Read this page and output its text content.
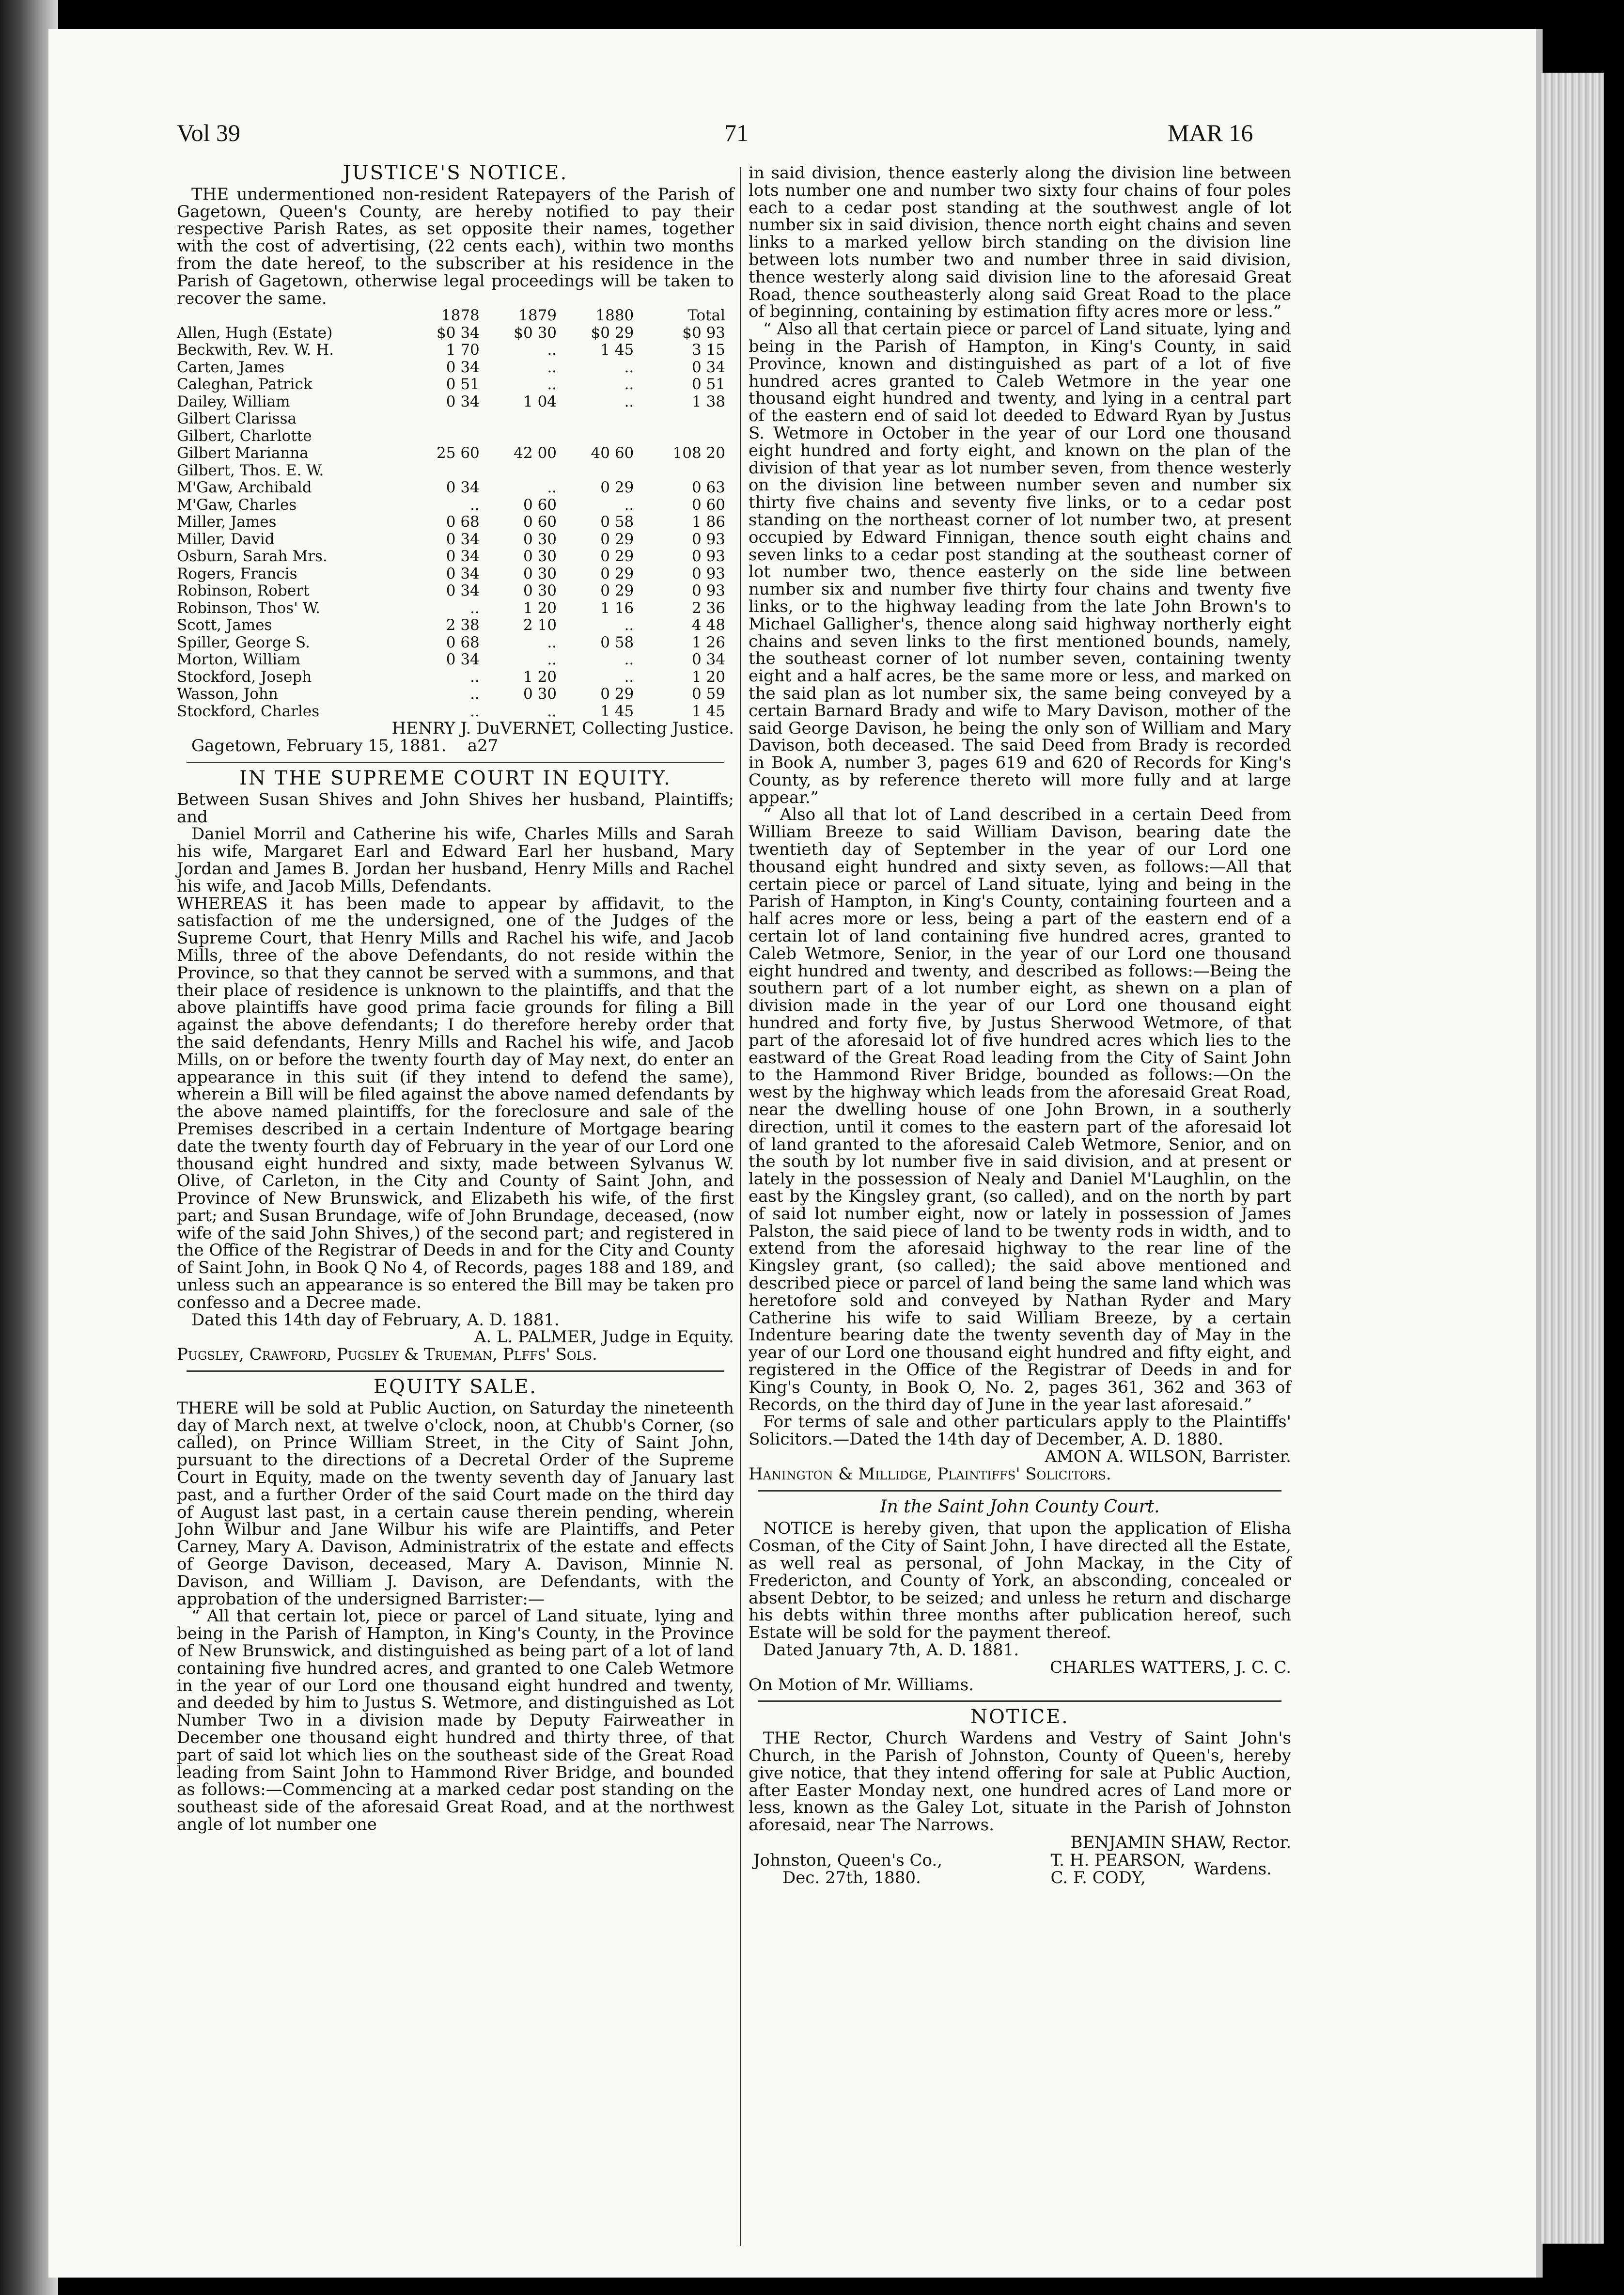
Vol 39	71	MAR 16
JUSTICE'S NOTICE.

THE undermentioned non-resident Ratepayers of the Parish of Gagetown, Queen's County, are hereby notified to pay their respective Parish Rates, as set opposite their names, together with the cost of advertising, (22 cents each), within two months from the date hereof, to the subscriber at his residence in the Parish of Gagetown, otherwise legal proceedings will be taken to recover the same.

	1878	1879	1880	Total
Allen, Hugh (Estate)	$0 34	$0 30	$0 29	$0 93
Beckwith, Rev. W. H.	1 70	..	1 45	3 15
Carten, James	0 34	..	..	0 34
Caleghan, Patrick	0 51	..	..	0 51
Dailey, William	0 34	1 04	..	1 38
Gilbert Clarissa				
Gilbert, Charlotte				
Gilbert Marianna	25 60	42 00	40 60	108 20
Gilbert, Thos. E. W.				
M'Gaw, Archibald	0 34	..	0 29	0 63
M'Gaw, Charles	..	0 60	..	0 60
Miller, James	0 68	0 60	0 58	1 86
Miller, David	0 34	0 30	0 29	0 93
Osburn, Sarah Mrs.	0 34	0 30	0 29	0 93
Rogers, Francis	0 34	0 30	0 29	0 93
Robinson, Robert	0 34	0 30	0 29	0 93
Robinson, Thos' W.	..	1 20	1 16	2 36
Scott, James	2 38	2 10	..	4 48
Spiller, George S.	0 68	..	0 58	1 26
Morton, William	0 34	..	..	0 34
Stockford, Joseph	..	1 20	..	1 20
Wasson, John	..	0 30	0 29	0 59
Stockford, Charles	..	..	1 45	1 45

HENRY J. DuVERNET, Collecting Justice.

Gagetown, February 15, 1881. a27

IN THE SUPREME COURT IN EQUITY.

Between Susan Shives and John Shives her husband, Plaintiffs; and

Daniel Morril and Catherine his wife, Charles Mills and Sarah his wife, Margaret Earl and Edward Earl her husband, Mary Jordan and James B. Jordan her husband, Henry Mills and Rachel his wife, and Jacob Mills, Defendants.

WHEREAS it has been made to appear by affidavit, to the satisfaction of me the undersigned, one of the Judges of the Supreme Court, that Henry Mills and Rachel his wife, and Jacob Mills, three of the above Defendants, do not reside within the Province, so that they cannot be served with a summons, and that their place of residence is unknown to the plaintiffs, and that the above plaintiffs have good prima facie grounds for filing a Bill against the above defendants; I do therefore hereby order that the said defendants, Henry Mills and Rachel his wife, and Jacob Mills, on or before the twenty fourth day of May next, do enter an appearance in this suit (if they intend to defend the same), wherein a Bill will be filed against the above named defendants by the above named plaintiffs, for the foreclosure and sale of the Premises described in a certain Indenture of Mortgage bearing date the twenty fourth day of February in the year of our Lord one thousand eight hundred and sixty, made between Sylvanus W. Olive, of Carleton, in the City and County of Saint John, and Province of New Brunswick, and Elizabeth his wife, of the first part; and Susan Brundage, wife of John Brundage, deceased, (now wife of the said John Shives,) of the second part; and registered in the Office of the Registrar of Deeds in and for the City and County of Saint John, in Book Q No 4, of Records, pages 188 and 189, and unless such an appearance is so entered the Bill may be taken pro confesso and a Decree made.

Dated this 14th day of February, A. D. 1881.

A. L. PALMER, Judge in Equity.

Pugsley, Crawford, Pugsley & Trueman, Plffs' Sols.

EQUITY SALE.

THERE will be sold at Public Auction, on Saturday the nineteenth day of March next, at twelve o'clock, noon, at Chubb's Corner, (so called), on Prince William Street, in the City of Saint John, pursuant to the directions of a Decretal Order of the Supreme Court in Equity, made on the twenty seventh day of January last past, and a further Order of the said Court made on the third day of August last past, in a certain cause therein pending, wherein John Wilbur and Jane Wilbur his wife are Plaintiffs, and Peter Carney, Mary A. Davison, Administratrix of the estate and effects of George Davison, deceased, Mary A. Davison, Minnie N. Davison, and William J. Davison, are Defendants, with the approbation of the undersigned Barrister:—

“ All that certain lot, piece or parcel of Land situate, lying and being in the Parish of Hampton, in King's County, in the Province of New Brunswick, and distinguished as being part of a lot of land containing five hundred acres, and granted to one Caleb Wetmore in the year of our Lord one thousand eight hundred and twenty, and deeded by him to Justus S. Wetmore, and distinguished as Lot Number Two in a division made by Deputy Fairweather in December one thousand eight hundred and thirty three, of that part of said lot which lies on the southeast side of the Great Road leading from Saint John to Hammond River Bridge, and bounded as follows:—Commencing at a marked cedar post standing on the southeast side of the aforesaid Great Road, and at the northwest angle of lot number one

in said division, thence easterly along the division line between lots number one and number two sixty four chains of four poles each to a cedar post standing at the southwest angle of lot number six in said division, thence north eight chains and seven links to a marked yellow birch standing on the division line between lots number two and number three in said division, thence westerly along said division line to the aforesaid Great Road, thence southeasterly along said Great Road to the place of beginning, containing by estimation fifty acres more or less.”

“ Also all that certain piece or parcel of Land situate, lying and being in the Parish of Hampton, in King's County, in said Province, known and distinguished as part of a lot of five hundred acres granted to Caleb Wetmore in the year one thousand eight hundred and twenty, and lying in a central part of the eastern end of said lot deeded to Edward Ryan by Justus S. Wetmore in October in the year of our Lord one thousand eight hundred and forty eight, and known on the plan of the division of that year as lot number seven, from thence westerly on the division line between number seven and number six thirty five chains and seventy five links, or to a cedar post standing on the northeast corner of lot number two, at present occupied by Edward Finnigan, thence south eight chains and seven links to a cedar post standing at the southeast corner of lot number two, thence easterly on the side line between number six and number five thirty four chains and twenty five links, or to the highway leading from the late John Brown's to Michael Galligher's, thence along said highway northerly eight chains and seven links to the first mentioned bounds, namely, the southeast corner of lot number seven, containing twenty eight and a half acres, be the same more or less, and marked on the said plan as lot number six, the same being conveyed by a certain Barnard Brady and wife to Mary Davison, mother of the said George Davison, he being the only son of William and Mary Davison, both deceased. The said Deed from Brady is recorded in Book A, number 3, pages 619 and 620 of Records for King's County, as by reference thereto will more fully and at large appear.”

“ Also all that lot of Land described in a certain Deed from William Breeze to said William Davison, bearing date the twentieth day of September in the year of our Lord one thousand eight hundred and sixty seven, as follows:—All that certain piece or parcel of Land situate, lying and being in the Parish of Hampton, in King's County, containing fourteen and a half acres more or less, being a part of the eastern end of a certain lot of land containing five hundred acres, granted to Caleb Wetmore, Senior, in the year of our Lord one thousand eight hundred and twenty, and described as follows:—Being the southern part of a lot number eight, as shewn on a plan of division made in the year of our Lord one thousand eight hundred and forty five, by Justus Sherwood Wetmore, of that part of the aforesaid lot of five hundred acres which lies to the eastward of the Great Road leading from the City of Saint John to the Hammond River Bridge, bounded as follows:—On the west by the highway which leads from the aforesaid Great Road, near the dwelling house of one John Brown, in a southerly direction, until it comes to the eastern part of the aforesaid lot of land granted to the aforesaid Caleb Wetmore, Senior, and on the south by lot number five in said division, and at present or lately in the possession of Nealy and Daniel M'Laughlin, on the east by the Kingsley grant, (so called), and on the north by part of said lot number eight, now or lately in possession of James Palston, the said piece of land to be twenty rods in width, and to extend from the aforesaid highway to the rear line of the Kingsley grant, (so called); the said above mentioned and described piece or parcel of land being the same land which was heretofore sold and conveyed by Nathan Ryder and Mary Catherine his wife to said William Breeze, by a certain Indenture bearing date the twenty seventh day of May in the year of our Lord one thousand eight hundred and fifty eight, and registered in the Office of the Registrar of Deeds in and for King's County, in Book O, No. 2, pages 361, 362 and 363 of Records, on the third day of June in the year last aforesaid.”

For terms of sale and other particulars apply to the Plaintiffs' Solicitors.—Dated the 14th day of December, A. D. 1880.

AMON A. WILSON, Barrister.

Hanington & Millidge, Plaintiffs' Solicitors.

In the Saint John County Court.

NOTICE is hereby given, that upon the application of Elisha Cosman, of the City of Saint John, I have directed all the Estate, as well real as personal, of John Mackay, in the City of Fredericton, and County of York, an absconding, concealed or absent Debtor, to be seized; and unless he return and discharge his debts within three months after publication hereof, such Estate will be sold for the payment thereof.

Dated January 7th, A. D. 1881.

CHARLES WATTERS, J. C. C.

On Motion of Mr. Williams.

NOTICE.

THE Rector, Church Wardens and Vestry of Saint John's Church, in the Parish of Johnston, County of Queen's, hereby give notice, that they intend offering for sale at Public Auction, after Easter Monday next, one hundred acres of Land more or less, known as the Galey Lot, situate in the Parish of Johnston aforesaid, near The Narrows.

BENJAMIN SHAW, Rector.

Johnston, Queen's Co.,
Dec. 27th, 1880.
T. H. PEARSON,
C. F. CODY,	Wardens.
